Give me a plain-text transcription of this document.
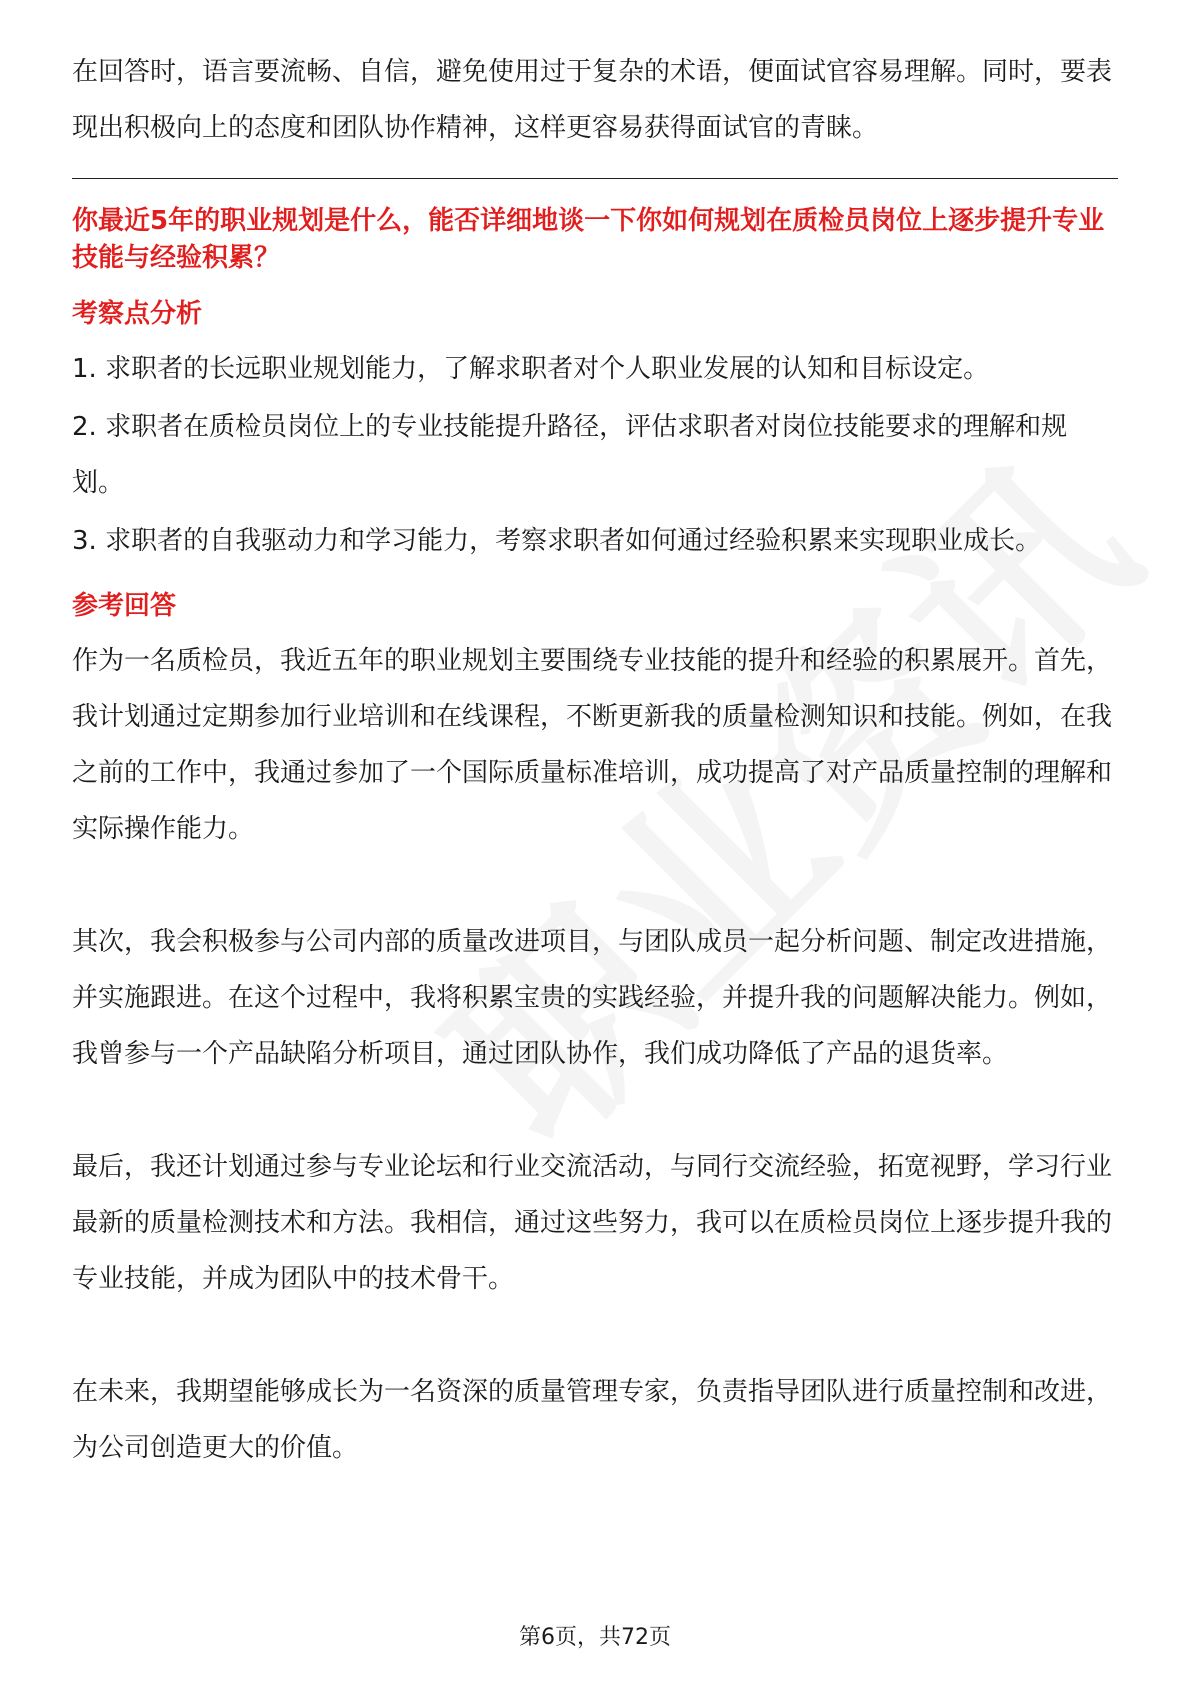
在回答时，语言要流畅、自信，避免使用过于复杂的术语，便面试官容易理解。同时，要表现出积极向上的态度和团队协作精神，这样更容易获得面试官的青睐。

你最近5年的职业规划是什么，能否详细地谈一下你如何规划在质检员岗位上逐步提升专业技能与经验积累？
考察点分析

1. 求职者的长远职业规划能力，了解求职者对个人职业发展的认知和目标设定。

2. 求职者在质检员岗位上的专业技能提升路径，评估求职者对岗位技能要求的理解和规划。

3. 求职者的自我驱动力和学习能力，考察求职者如何通过经验积累来实现职业成长。

参考回答

作为一名质检员，我近五年的职业规划主要围绕专业技能的提升和经验的积累展开。首先，我计划通过定期参加行业培训和在线课程，不断更新我的质量检测知识和技能。例如，在我之前的工作中，我通过参加了一个国际质量标准培训，成功提高了对产品质量控制的理解和实际操作能力。

其次，我会积极参与公司内部的质量改进项目，与团队成员一起分析问题、制定改进措施，并实施跟进。在这个过程中，我将积累宝贵的实践经验，并提升我的问题解决能力。例如，我曾参与一个产品缺陷分析项目，通过团队协作，我们成功降低了产品的退货率。

最后，我还计划通过参与专业论坛和行业交流活动，与同行交流经验，拓宽视野，学习行业最新的质量检测技术和方法。我相信，通过这些努力，我可以在质检员岗位上逐步提升我的专业技能，并成为团队中的技术骨干。

在未来，我期望能够成长为一名资深的质量管理专家，负责指导团队进行质量控制和改进，为公司创造更大的价值。

第6页，共72页
